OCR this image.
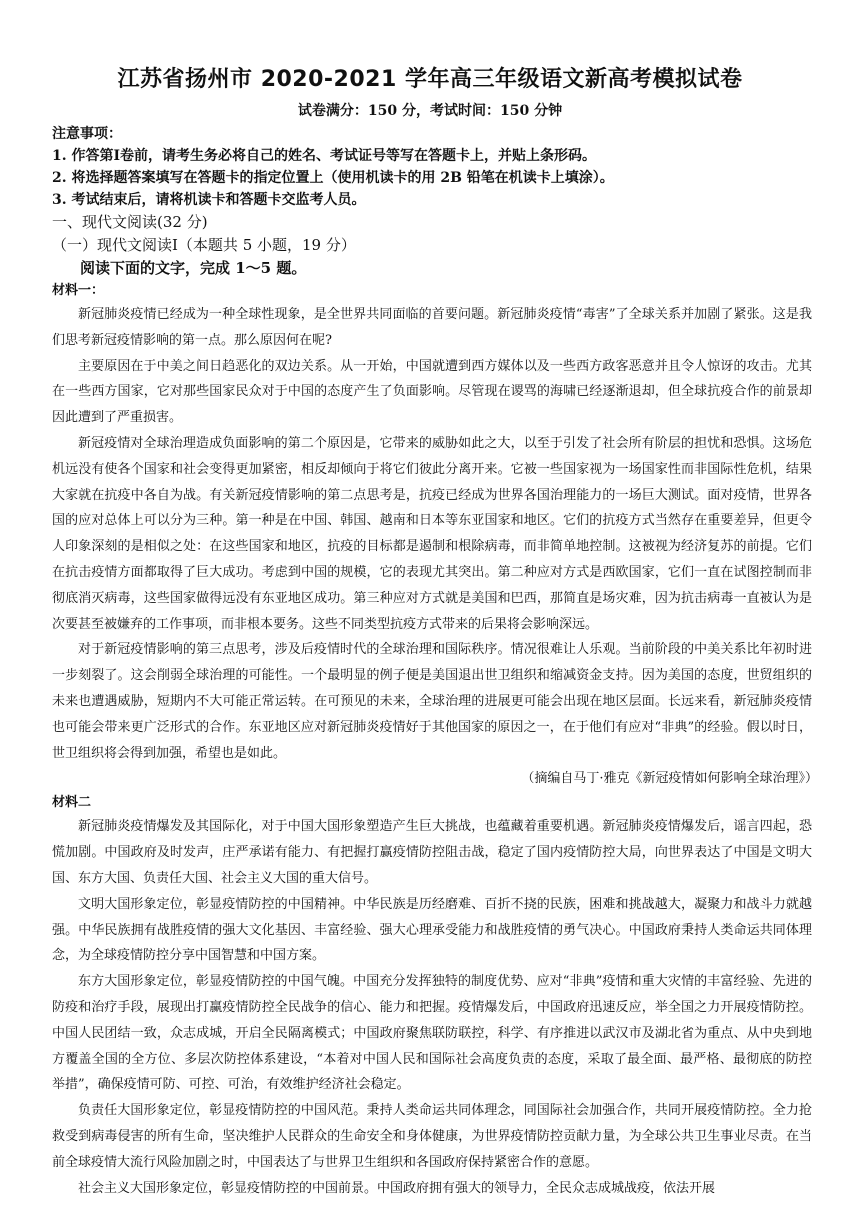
江苏省扬州市 2020-2021 学年高三年级语文新高考模拟试卷
试卷满分：150 分，考试时间：150 分钟
注意事项：
1. 作答第Ⅰ卷前，请考生务必将自己的姓名、考试证号等写在答题卡上，并贴上条形码。
2. 将选择题答案填写在答题卡的指定位置上（使用机读卡的用 2B 铅笔在机读卡上填涂）。
3. 考试结束后，请将机读卡和答题卡交监考人员。
一、现代文阅读(32 分)
（一）现代文阅读Ⅰ（本题共 5 小题，19 分）
阅读下面的文字，完成 1～5 题。
材料一：

新冠肺炎疫情已经成为一种全球性现象，是全世界共同面临的首要问题。新冠肺炎疫情“毒害”了全球关系并加剧了紧张。这是我们思考新冠疫情影响的第一点。那么原因何在呢?

主要原因在于中美之间日趋恶化的双边关系。从一开始，中国就遭到西方媒体以及一些西方政客恶意并且令人惊讶的攻击。尤其在一些西方国家，它对那些国家民众对于中国的态度产生了负面影响。尽管现在谡骂的海啸已经逐渐退却，但全球抗疫合作的前景却因此遭到了严重损害。

新冠疫情对全球治理造成负面影响的第二个原因是，它带来的威胁如此之大，以至于引发了社会所有阶层的担忧和恐惧。这场危机远没有使各个国家和社会变得更加紧密，相反却倾向于将它们彼此分离开来。它被一些国家视为一场国家性而非国际性危机，结果大家就在抗疫中各自为战。有关新冠疫情影响的第二点思考是，抗疫已经成为世界各国治理能力的一场巨大测试。面对疫情，世界各国的应对总体上可以分为三种。第一种是在中国、韩国、越南和日本等东亚国家和地区。它们的抗疫方式当然存在重要差异，但更令人印象深刻的是相似之处：在这些国家和地区，抗疫的目标都是遏制和根除病毒，而非简单地控制。这被视为经济复苏的前提。它们在抗击疫情方面都取得了巨大成功。考虑到中国的规模，它的表现尤其突出。第二种应对方式是西欧国家，它们一直在试图控制而非彻底消灭病毒，这些国家做得远没有东亚地区成功。第三种应对方式就是美国和巴西，那简直是场灾难，因为抗击病毒一直被认为是次要甚至被嫌弃的工作事项，而非根本要务。这些不同类型抗疫方式带来的后果将会影响深远。

对于新冠疫情影响的第三点思考，涉及后疫情时代的全球治理和国际秩序。情况很难让人乐观。当前阶段的中美关系比年初时进一步刻裂了。这会削弱全球治理的可能性。一个最明显的例子便是美国退出世卫组织和缩减资金支持。因为美国的态度，世贸组织的未来也遭遇威胁，短期内不大可能正常运转。在可预见的未来，全球治理的进展更可能会出现在地区层面。长远来看，新冠肺炎疫情也可能会带来更广泛形式的合作。东亚地区应对新冠肺炎疫情好于其他国家的原因之一，在于他们有应对“非典”的经验。假以时日，世卫组织将会得到加强，希望也是如此。

（摘编自马丁·雅克《新冠疫情如何影响全球治理》）
材料二

新冠肺炎疫情爆发及其国际化，对于中国大国形象塑造产生巨大挑战，也蕴藏着重要机遇。新冠肺炎疫情爆发后，谣言四起，恐慌加剧。中国政府及时发声，庄严承诺有能力、有把握打赢疫情防控阻击战，稳定了国内疫情防控大局，向世界表达了中国是文明大国、东方大国、负责任大国、社会主义大国的重大信号。

文明大国形象定位，彰显疫情防控的中国精神。中华民族是历经磨难、百折不挠的民族，困难和挑战越大，凝聚力和战斗力就越强。中华民族拥有战胜疫情的强大文化基因、丰富经验、强大心理承受能力和战胜疫情的勇气决心。中国政府秉持人类命运共同体理念，为全球疫情防控分享中国智慧和中国方案。

东方大国形象定位，彰显疫情防控的中国气魄。中国充分发挥独特的制度优势、应对“非典”疫情和重大灾情的丰富经验、先进的防疫和治疗手段，展现出打赢疫情防控全民战争的信心、能力和把握。疫情爆发后，中国政府迅速反应，举全国之力开展疫情防控。中国人民团结一致，众志成城，开启全民隔离模式；中国政府聚焦联防联控，科学、有序推进以武汉市及湖北省为重点、从中央到地方覆盖全国的全方位、多层次防控体系建设，“本着对中国人民和国际社会高度负责的态度，采取了最全面、最严格、最彻底的防控举措”，确保疫情可防、可控、可治，有效维护经济社会稳定。

负责任大国形象定位，彰显疫情防控的中国风范。秉持人类命运共同体理念，同国际社会加强合作，共同开展疫情防控。全力抢救受到病毒侵害的所有生命，坚决维护人民群众的生命安全和身体健康，为世界疫情防控贡献力量，为全球公共卫生事业尽责。在当前全球疫情大流行风险加剧之时，中国表达了与世界卫生组织和各国政府保持紧密合作的意愿。

社会主义大国形象定位，彰显疫情防控的中国前景。中国政府拥有强大的领导力，全民众志成城战疫，依法开展
